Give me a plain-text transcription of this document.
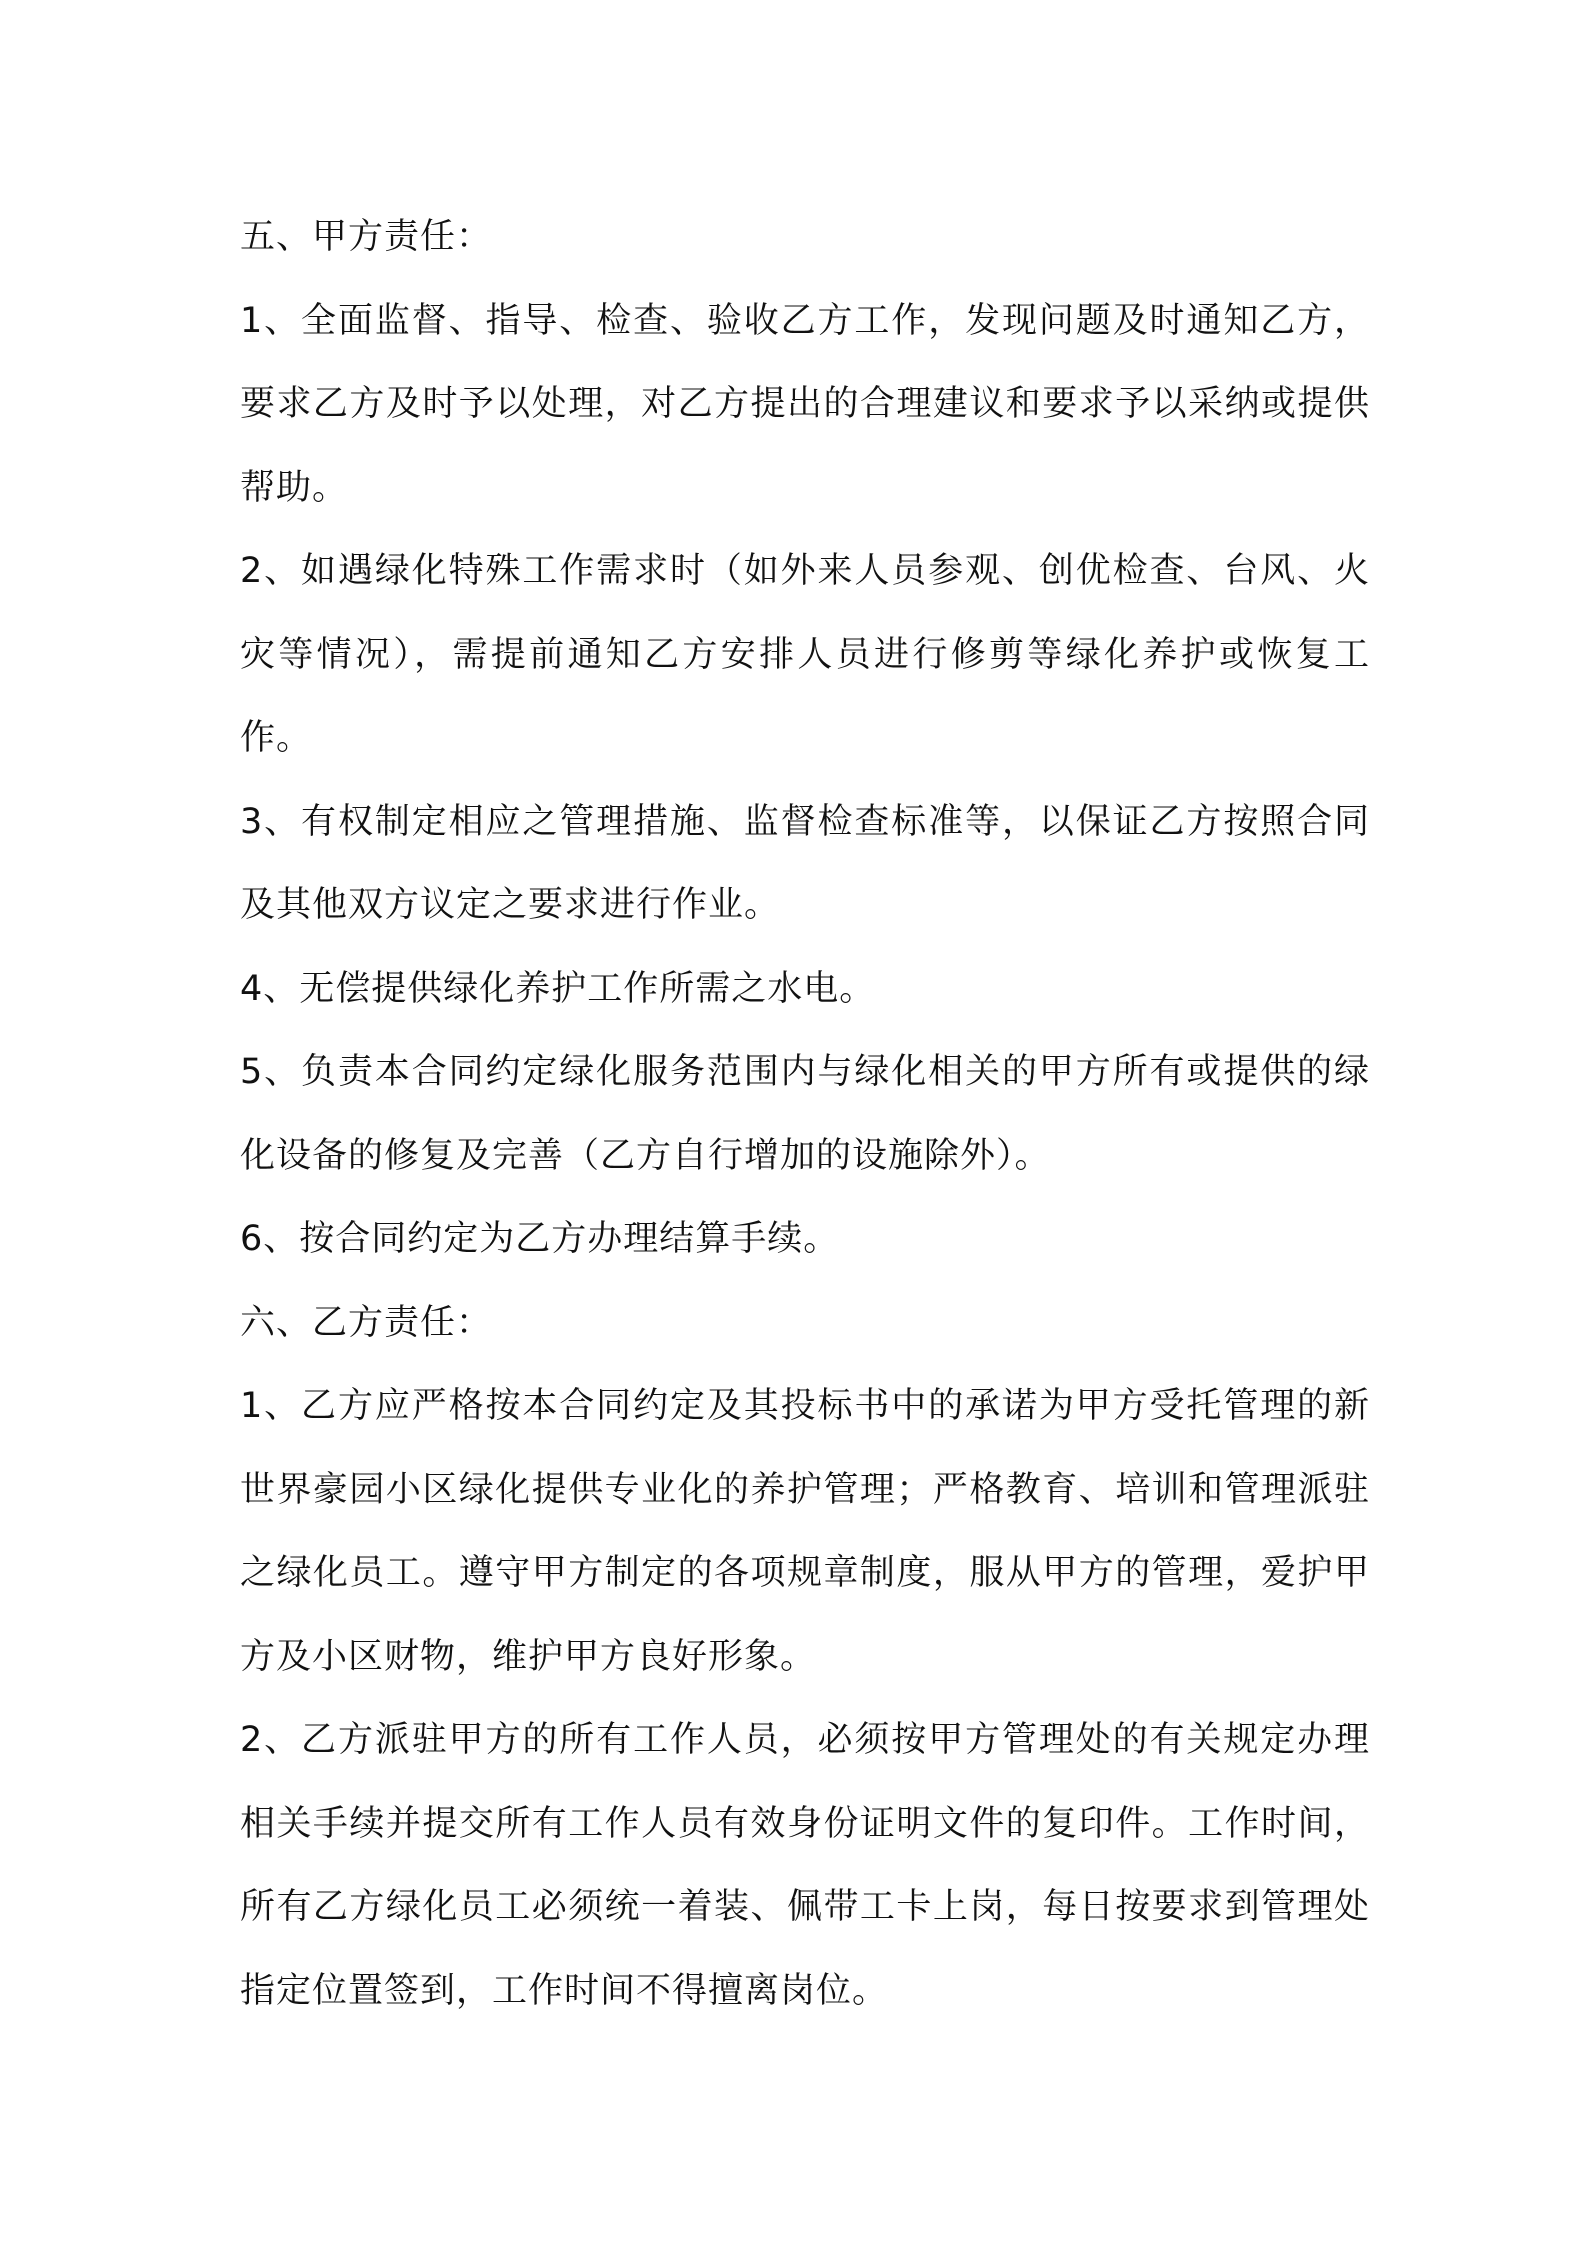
五、甲方责任：

1、全面监督、指导、检查、验收乙方工作，发现问题及时通知乙方，要求乙方及时予以处理，对乙方提出的合理建议和要求予以采纳或提供帮助。

2、如遇绿化特殊工作需求时（如外来人员参观、创优检查、台风、火灾等情况），需提前通知乙方安排人员进行修剪等绿化养护或恢复工作。

3、有权制定相应之管理措施、监督检查标准等，以保证乙方按照合同及其他双方议定之要求进行作业。

4、无偿提供绿化养护工作所需之水电。

5、负责本合同约定绿化服务范围内与绿化相关的甲方所有或提供的绿化设备的修复及完善（乙方自行增加的设施除外）。

6、按合同约定为乙方办理结算手续。

六、乙方责任：

1、乙方应严格按本合同约定及其投标书中的承诺为甲方受托管理的新世界豪园小区绿化提供专业化的养护管理；严格教育、培训和管理派驻之绿化员工。遵守甲方制定的各项规章制度，服从甲方的管理，爱护甲方及小区财物，维护甲方良好形象。

2、乙方派驻甲方的所有工作人员，必须按甲方管理处的有关规定办理相关手续并提交所有工作人员有效身份证明文件的复印件。工作时间，所有乙方绿化员工必须统一着装、佩带工卡上岗，每日按要求到管理处指定位置签到，工作时间不得擅离岗位。
